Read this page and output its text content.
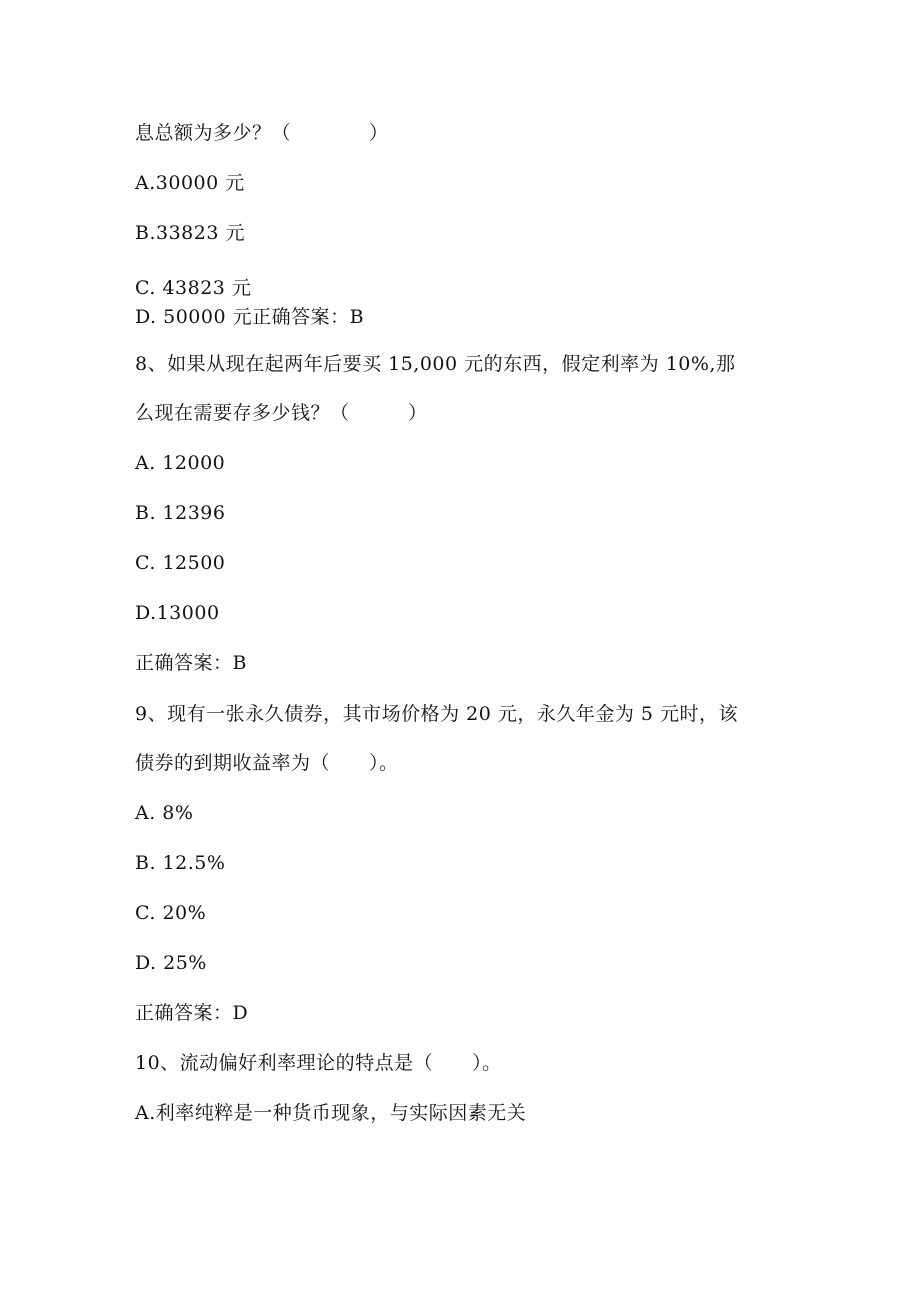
息总额为多少？（　　　　）
A.30000 元
B.33823 元
C. 43823 元
D. 50000 元正确答案：B
8、如果从现在起两年后要买 15,000 元的东西，假定利率为 10%,那
么现在需要存多少钱？（　　　）
A. 12000
B. 12396
C. 12500
D.13000
正确答案：B
9、现有一张永久债券，其市场价格为 20 元，永久年金为 5 元时，该
债券的到期收益率为（　　）。
A. 8%
B. 12.5%
C. 20%
D. 25%
正确答案：D
10、流动偏好利率理论的特点是（　　）。
A.利率纯粹是一种货币现象，与实际因素无关
